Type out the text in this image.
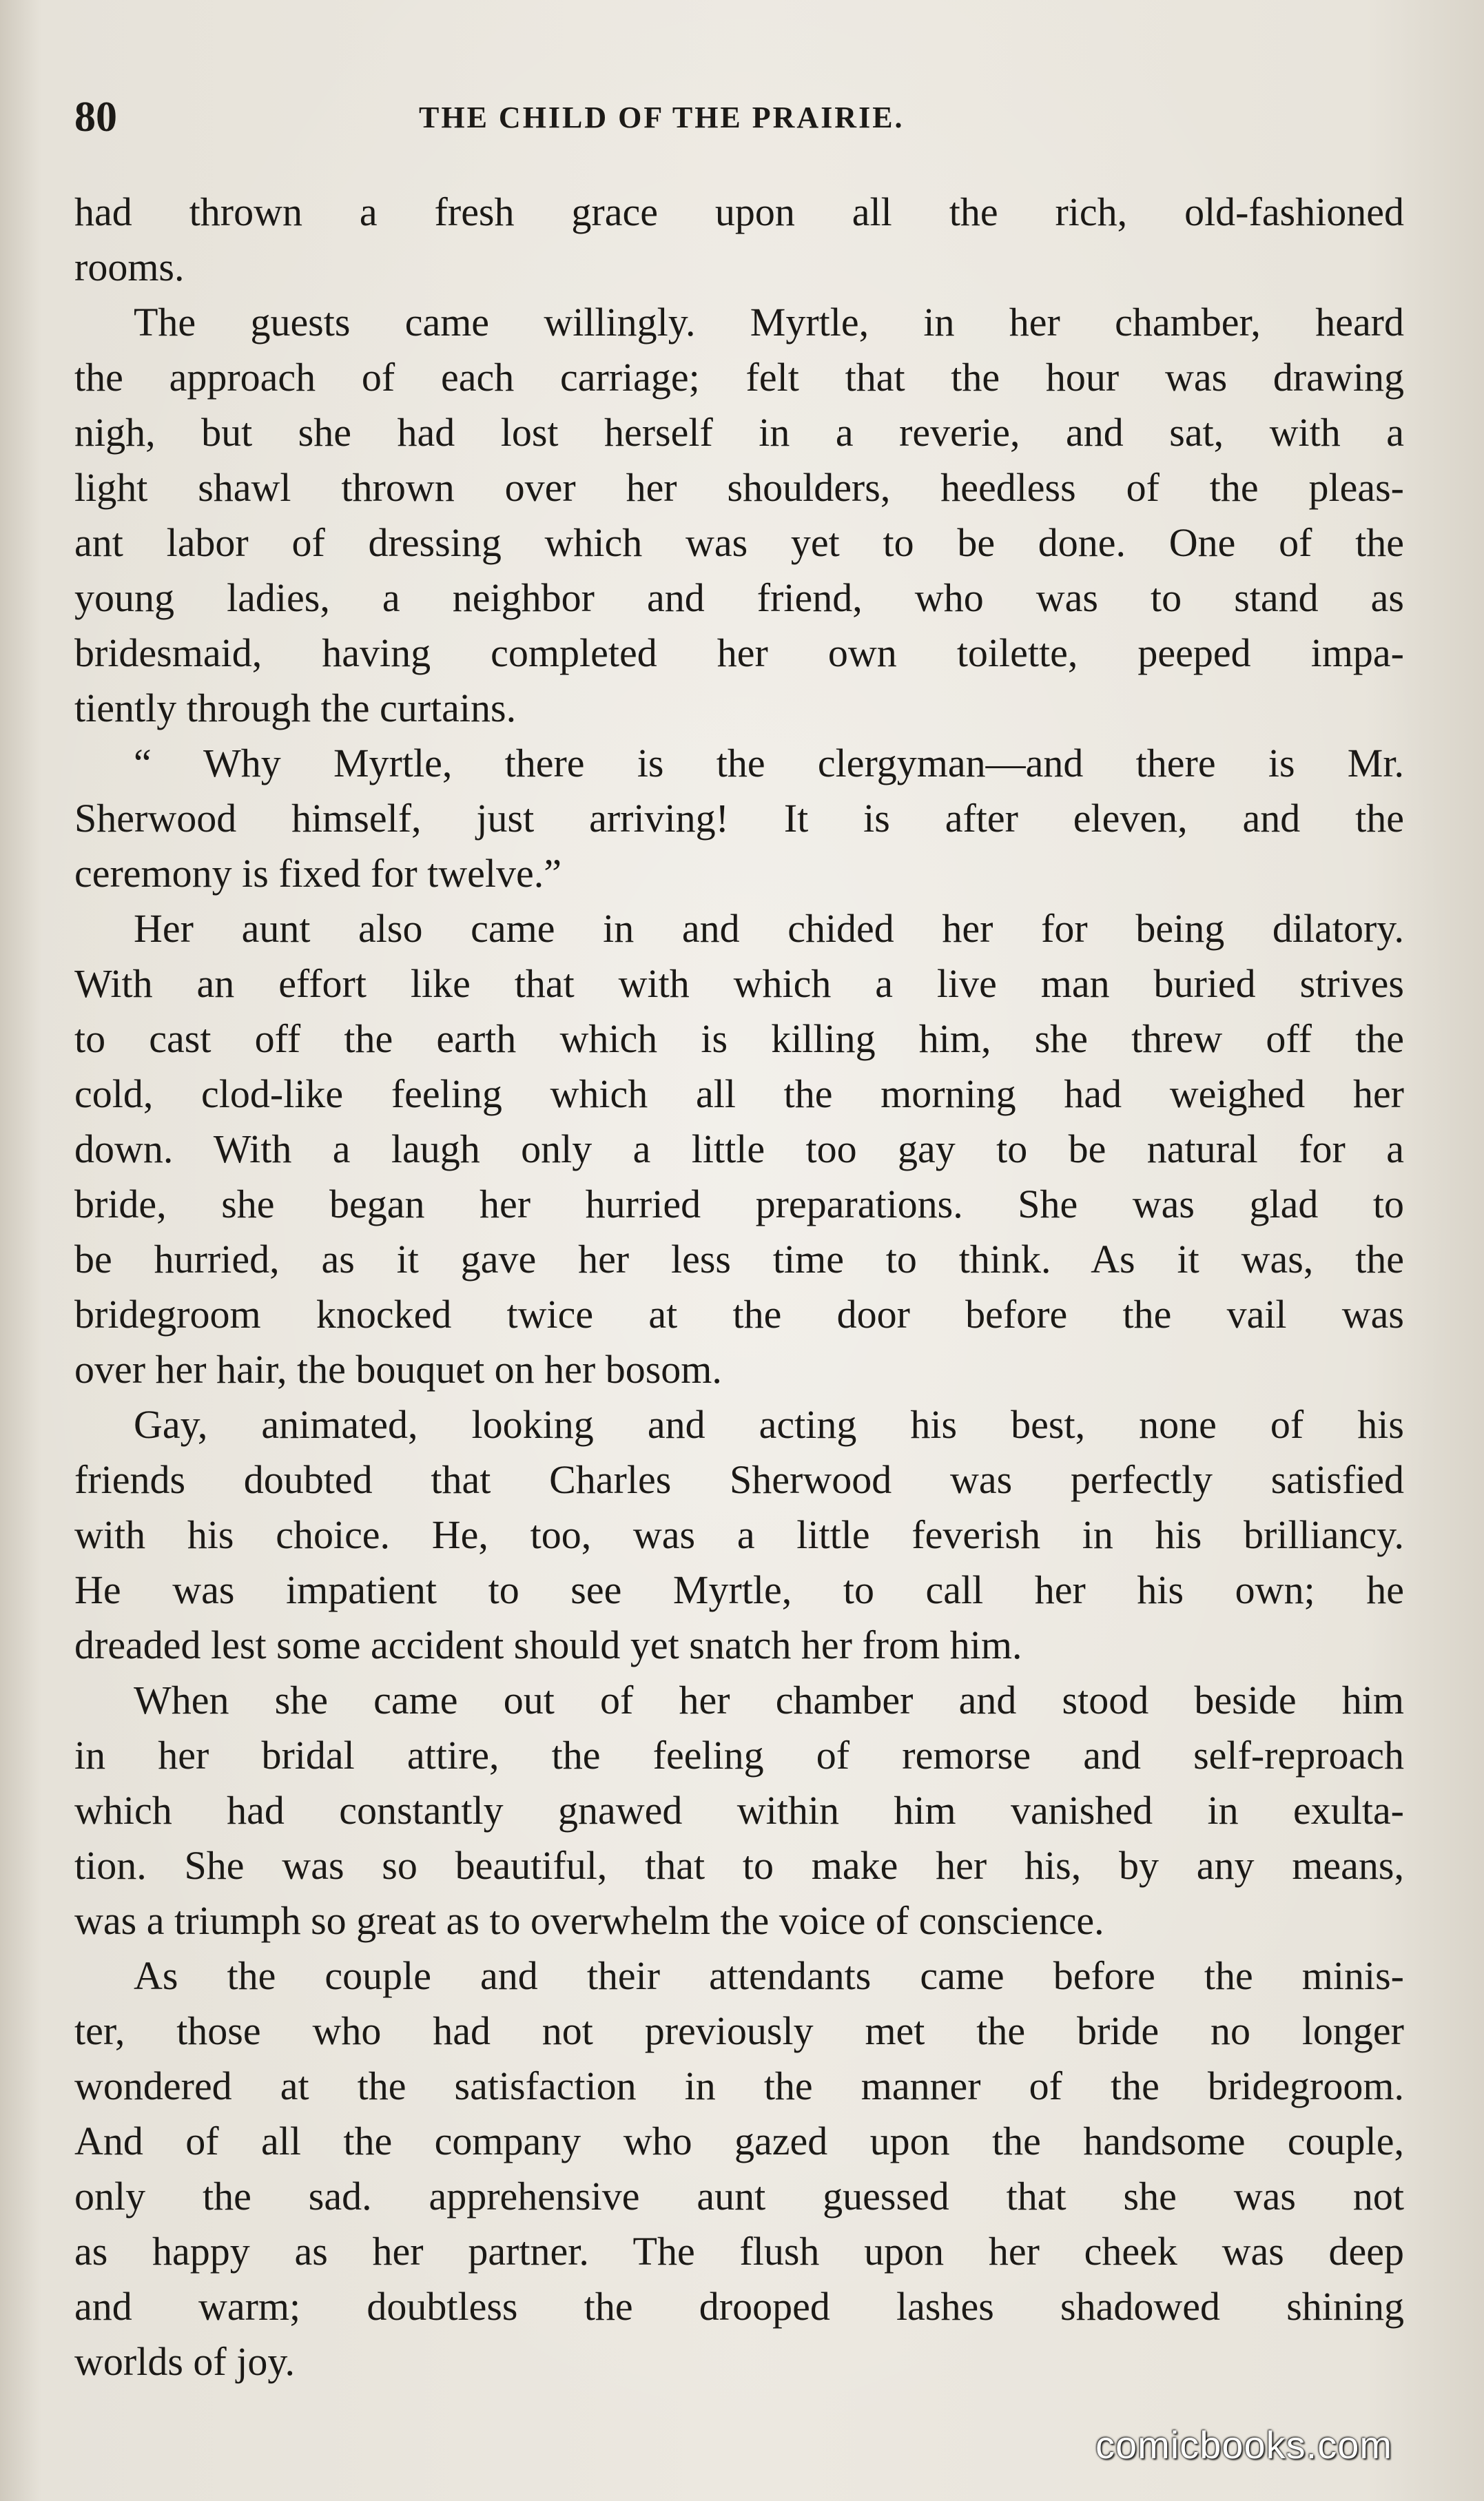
80	THE CHILD OF THE PRAIRIE.
had thrown a fresh grace upon all the rich, old-fashioned
rooms.
The guests came willingly. Myrtle, in her chamber, heard
the approach of each carriage; felt that the hour was drawing
nigh, but she had lost herself in a reverie, and sat, with a
light shawl thrown over her shoulders, heedless of the pleas-
ant labor of dressing which was yet to be done. One of the
young ladies, a neighbor and friend, who was to stand as
bridesmaid, having completed her own toilette, peeped impa-
tiently through the curtains.
“ Why Myrtle, there is the clergyman—and there is Mr.
Sherwood himself, just arriving! It is after eleven, and the
ceremony is fixed for twelve.”
Her aunt also came in and chided her for being dilatory.
With an effort like that with which a live man buried strives
to cast off the earth which is killing him, she threw off the
cold, clod-like feeling which all the morning had weighed her
down. With a laugh only a little too gay to be natural for a
bride, she began her hurried preparations. She was glad to
be hurried, as it gave her less time to think. As it was, the
bridegroom knocked twice at the door before the vail was
over her hair, the bouquet on her bosom.
Gay, animated, looking and acting his best, none of his
friends doubted that Charles Sherwood was perfectly satisfied
with his choice. He, too, was a little feverish in his brilliancy.
He was impatient to see Myrtle, to call her his own; he
dreaded lest some accident should yet snatch her from him.
When she came out of her chamber and stood beside him
in her bridal attire, the feeling of remorse and self-reproach
which had constantly gnawed within him vanished in exulta-
tion. She was so beautiful, that to make her his, by any means,
was a triumph so great as to overwhelm the voice of conscience.
As the couple and their attendants came before the minis-
ter, those who had not previously met the bride no longer
wondered at the satisfaction in the manner of the bridegroom.
And of all the company who gazed upon the handsome couple,
only the sad. apprehensive aunt guessed that she was not
as happy as her partner. The flush upon her cheek was deep
and warm; doubtless the drooped lashes shadowed shining
worlds of joy.
comicbooks.com
